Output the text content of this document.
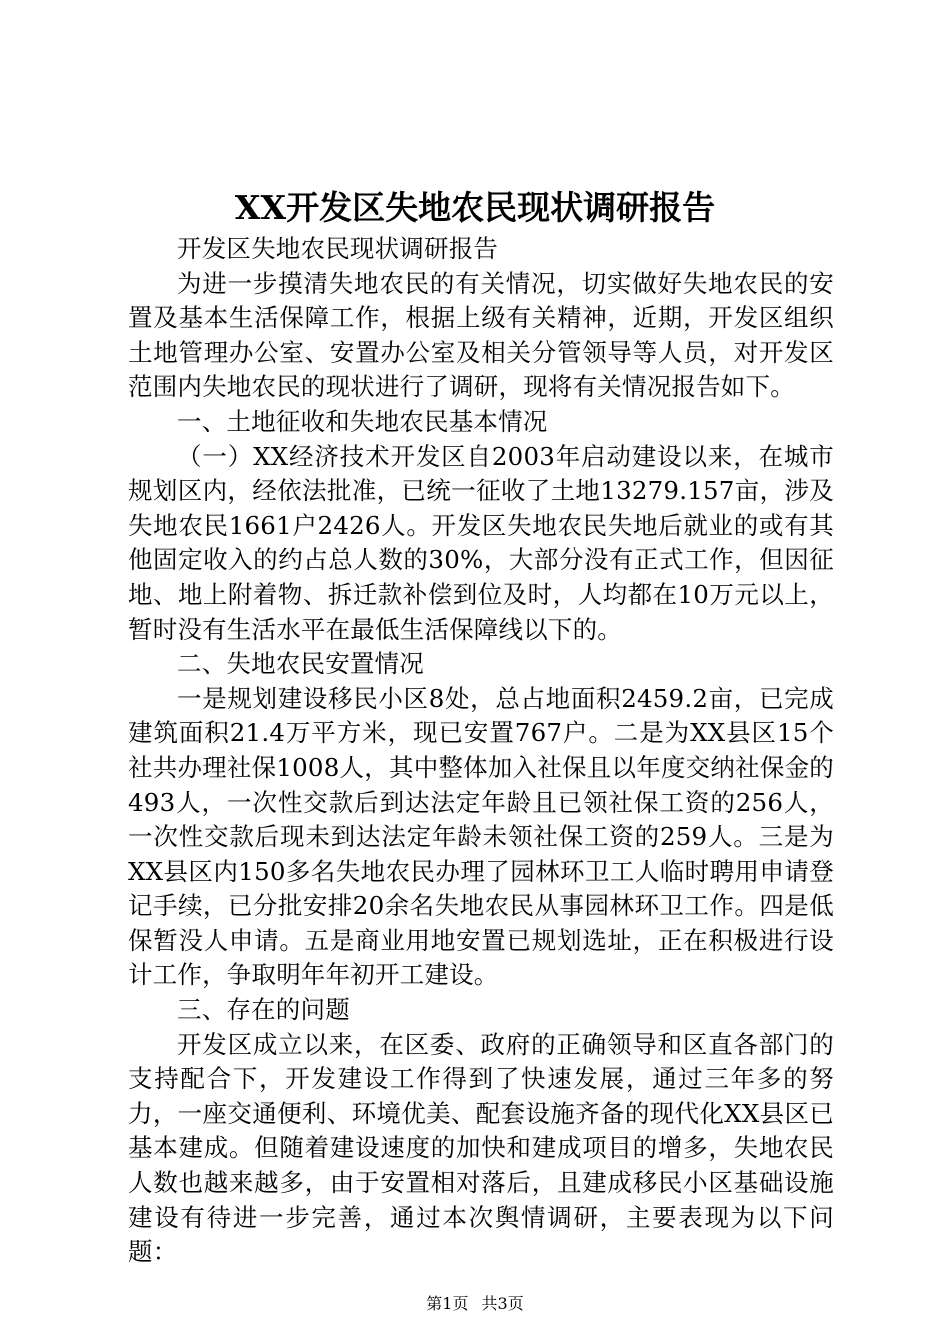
XX开发区失地农民现状调研报告

开发区失地农民现状调研报告

为进一步摸清失地农民的有关情况，切实做好失地农民的安置及基本生活保障工作，根据上级有关精神，近期，开发区组织土地管理办公室、安置办公室及相关分管领导等人员，对开发区范围内失地农民的现状进行了调研，现将有关情况报告如下。

一、土地征收和失地农民基本情况

（一）XX经济技术开发区自2003年启动建设以来，在城市规划区内，经依法批准，已统一征收了土地13279.157亩，涉及失地农民1661户2426人。开发区失地农民失地后就业的或有其他固定收入的约占总人数的30%，大部分没有正式工作，但因征地、地上附着物、拆迁款补偿到位及时，人均都在10万元以上，暂时没有生活水平在最低生活保障线以下的。

二、失地农民安置情况

一是规划建设移民小区8处，总占地面积2459.2亩，已完成建筑面积21.4万平方米，现已安置767户。二是为XX县区15个社共办理社保1008人，其中整体加入社保且以年度交纳社保金的493人，一次性交款后到达法定年龄且已领社保工资的256人，一次性交款后现未到达法定年龄未领社保工资的259人。三是为XX县区内150多名失地农民办理了园林环卫工人临时聘用申请登记手续，已分批安排20余名失地农民从事园林环卫工作。四是低保暂没人申请。五是商业用地安置已规划选址，正在积极进行设计工作，争取明年年初开工建设。

三、存在的问题

开发区成立以来，在区委、政府的正确领导和区直各部门的支持配合下，开发建设工作得到了快速发展，通过三年多的努力，一座交通便利、环境优美、配套设施齐备的现代化XX县区已基本建成。但随着建设速度的加快和建成项目的增多，失地农民人数也越来越多，由于安置相对落后，且建成移民小区基础设施建设有待进一步完善，通过本次舆情调研，主要表现为以下问题：

第1页 共3页
